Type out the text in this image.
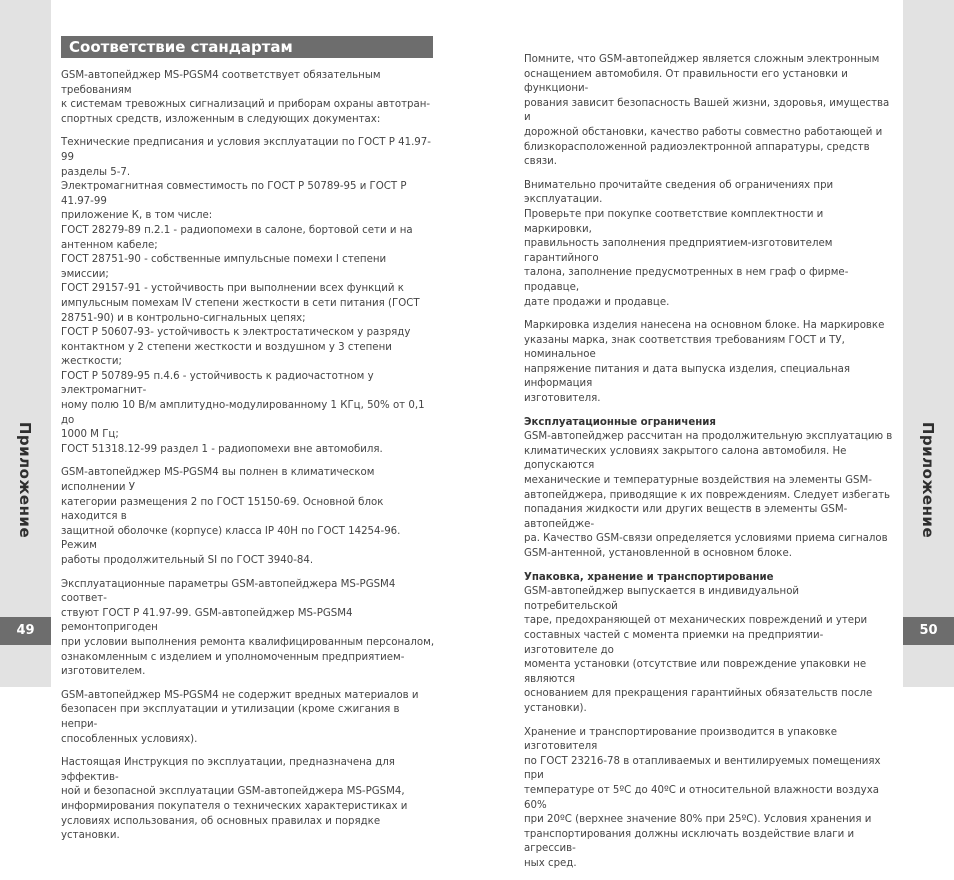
Приложение
49
Приложение
50
Соответствие стандартам

GSM-автопейджер MS-PGSM4 соответствует обязательным требованиям
к системам тревожных сигнализаций и приборам охраны автотран-
спортных средств, изложенным в следующих документах:

Технические предписания и условия эксплуатации по ГОСТ Р 41.97-99
разделы 5-7.
Электромагнитная совместимость по ГОСТ Р 50789-95 и ГОСТ Р 41.97-99
приложение К, в том числе:
ГОСТ 28279-89 п.2.1 - радиопомехи в салоне, бортовой сети и на
антенном кабеле;
ГОСТ 28751-90 - собственные импульсные помехи I степени эмиссии;
ГОСТ 29157-91 - устойчивость при выполнении всех функций к
импульсным помехам IV степени жесткости в сети питания (ГОСТ
28751-90) и в контрольно-сигнальных цепях;
ГОСТ Р 50607-93- устойчивость к электростатическом у разряду
контактном у 2 степени жесткости и воздушном у 3 степени жесткости;
ГОСТ Р 50789-95 п.4.6 - устойчивость к радиочастотном у электромагнит-
ному полю 10 В/м амплитудно-модулированному 1 КГц, 50% от 0,1 до
1000 М Гц;
ГОСТ 51318.12-99 раздел 1 - радиопомехи вне автомобиля.

GSM-автопейджер MS-PGSM4 вы полнен в климатическом исполнении У
категории размещения 2 по ГОСТ 15150-69. Основной блок находится в
защитной оболочке (корпусе) класса IP 40Н по ГОСТ 14254-96. Режим
работы продолжительный SI по ГОСТ 3940-84.

Эксплуатационные параметры GSM-автопейджера MS-PGSM4 соответ-
ствуют ГОСТ Р 41.97-99. GSM-автопейджер MS-PGSM4 ремонтопригоден
при условии выполнения ремонта квалифицированным персоналом,
ознакомленным с изделием и уполномоченным предприятием-
изготовителем.

GSM-автопейджер MS-PGSM4 не содержит вредных материалов и
безопасен при эксплуатации и утилизации (кроме сжигания в непри-
способленных условиях).

Настоящая Инструкция по эксплуатации, предназначена для эффектив-
ной и безопасной эксплуатации GSM-автопейджера MS-PGSM4,
информирования покупателя о технических характеристиках и
условиях использования, об основных правилах и порядке установки.

Помните, что GSM-автопейджер является сложным электронным
оснащением автомобиля. От правильности его установки и функциони-
рования зависит безопасность Вашей жизни, здоровья, имущества и
дорожной обстановки, качество работы совместно работающей и
близкорасположенной радиоэлектронной аппаратуры, средств связи.

Внимательно прочитайте сведения об ограничениях при эксплуатации.
Проверьте при покупке соответствие комплектности и маркировки,
правильность заполнения предприятием-изготовителем гарантийного
талона, заполнение предусмотренных в нем граф о фирме-продавце,
дате продажи и продавце.

Маркировка изделия нанесена на основном блоке. На маркировке
указаны марка, знак соответствия требованиям ГОСТ и ТУ, номинальное
напряжение питания и дата выпуска изделия, специальная информация
изготовителя.

Эксплуатационные ограничения

GSM-автопейджер рассчитан на продолжительную эксплуатацию в
климатических условиях закрытого салона автомобиля. Не допускаются
механические и температурные воздействия на элементы GSM-
автопейджера, приводящие к их повреждениям. Следует избегать
попадания жидкости или других веществ в элементы GSM-автопейдже-
ра. Качество GSM-связи определяется условиями приема сигналов
GSM-антенной, установленной в основном блоке.

Упаковка, хранение и транспортирование

GSM-автопейджер выпускается в индивидуальной потребительской
таре, предохраняющей от механических повреждений и утери
составных частей с момента приемки на предприятии-изготовителе до
момента установки (отсутствие или повреждение упаковки не являются
основанием для прекращения гарантийных обязательств после
установки).

Хранение и транспортирование производится в упаковке изготовителя
по ГОСТ 23216-78 в отапливаемых и вентилируемых помещениях при
температуре от 5ºС до 40ºС и относительной влажности воздуха 60%
при 20ºС (верхнее значение 80% при 25ºС). Условия хранения и
транспортирования должны исключать воздействие влаги и агрессив-
ных сред.
